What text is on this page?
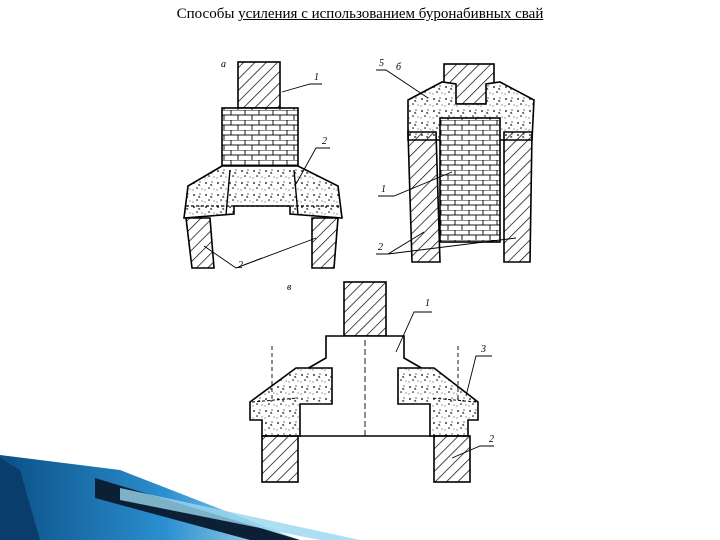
Способы усиления с использованием буронабивных свай
а
1
2
2
б
5
1
2
в
1
3
2
